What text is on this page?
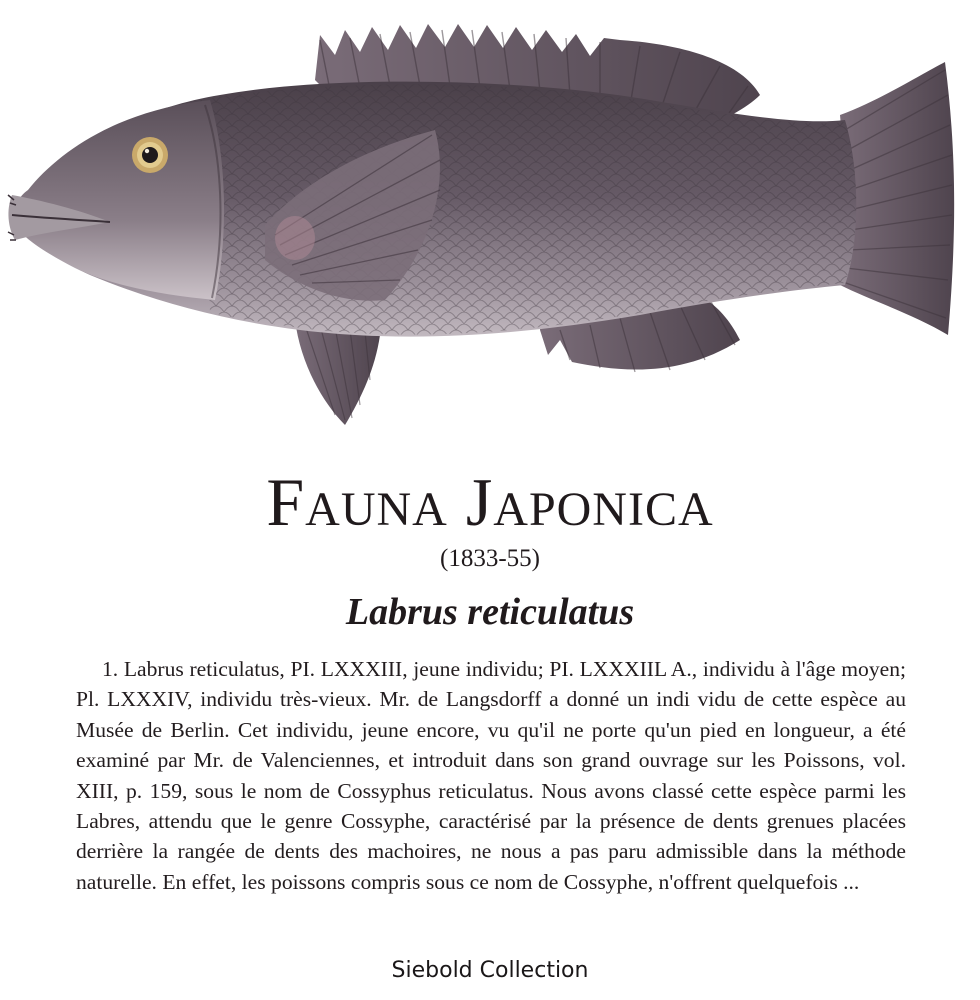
Fauna Japonica
(1833-55)
Labrus reticulatus

1. Labrus reticulatus, PI. LXXXIII, jeune individu; PI. LXXXIIL A., individu à l'âge moyen; Pl. LXXXIV, individu très-vieux. Mr. de Langsdorff a donné un indi vidu de cette espèce au Musée de Berlin. Cet individu, jeune encore, vu qu'il ne porte qu'un pied en longueur, a été examiné par Mr. de Valenciennes, et introduit dans son grand ouvrage sur les Poissons, vol. XIII, p. 159, sous le nom de Cossyphus reticulatus. Nous avons classé cette espèce parmi les Labres, attendu que le genre Cossyphe, caractérisé par la présence de dents grenues placées derrière la rangée de dents des machoires, ne nous a pas paru admissible dans la méthode naturelle. En effet, les poissons compris sous ce nom de Cossyphe, n'offrent quelquefois ...

Siebold Collection
